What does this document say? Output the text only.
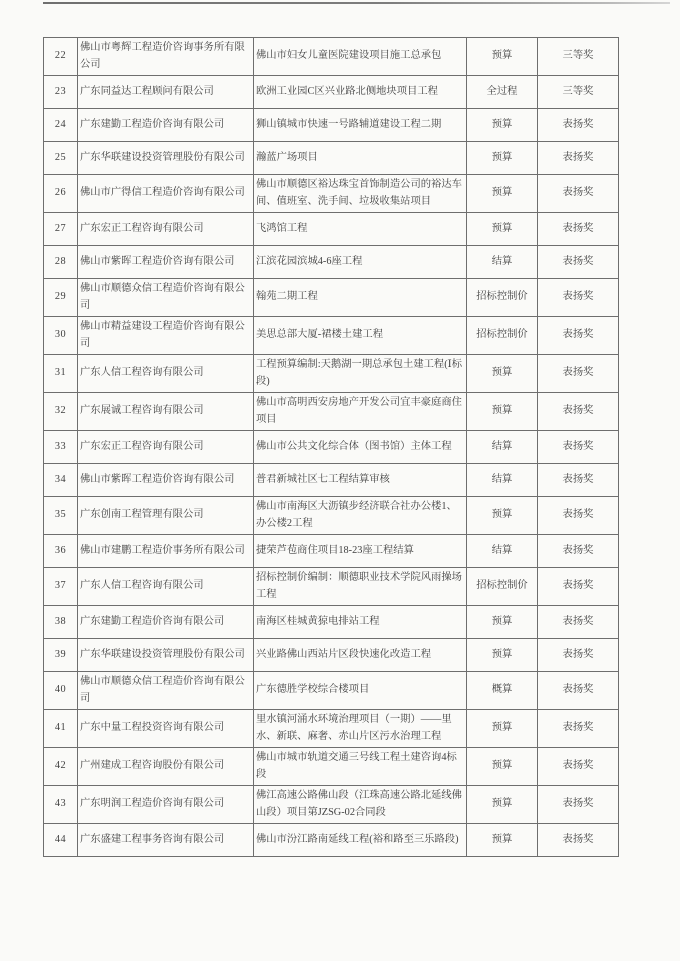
22	佛山市粤辉工程造价咨询事务所有限公司	佛山市妇女儿童医院建设项目施工总承包	预算	三等奖
23	广东同益达工程顾问有限公司	欧洲工业园C区兴业路北侧地块项目工程	全过程	三等奖
24	广东建勤工程造价咨询有限公司	狮山镇城市快速一号路辅道建设工程二期	预算	表扬奖
25	广东华联建设投资管理股份有限公司	瀚蓝广场项目	预算	表扬奖
26	佛山市广得信工程造价咨询有限公司	佛山市顺德区裕达珠宝首饰制造公司的裕达车间、值班室、洗手间、垃圾收集站项目	预算	表扬奖
27	广东宏正工程咨询有限公司	飞鸿馆工程	预算	表扬奖
28	佛山市紫晖工程造价咨询有限公司	江滨花园滨城4-6座工程	结算	表扬奖
29	佛山市顺德众信工程造价咨询有限公司	翰苑二期工程	招标控制价	表扬奖
30	佛山市精益建设工程造价咨询有限公司	美思总部大厦-裙楼土建工程	招标控制价	表扬奖
31	广东人信工程咨询有限公司	工程预算编制:天鹅湖一期总承包土建工程(Ⅰ标段)	预算	表扬奖
32	广东展诚工程咨询有限公司	佛山市高明西安房地产开发公司宜丰豪庭商住项目	预算	表扬奖
33	广东宏正工程咨询有限公司	佛山市公共文化综合体（图书馆）主体工程	结算	表扬奖
34	佛山市紫晖工程造价咨询有限公司	普君新城社区七工程结算审核	结算	表扬奖
35	广东创南工程管理有限公司	佛山市南海区大沥镇步经济联合社办公楼1、办公楼2工程	预算	表扬奖
36	佛山市建鹏工程造价事务所有限公司	捷荣芦苞商住项目18-23座工程结算	结算	表扬奖
37	广东人信工程咨询有限公司	招标控制价编制：顺德职业技术学院风雨操场工程	招标控制价	表扬奖
38	广东建勤工程造价咨询有限公司	南海区桂城黄猄电排站工程	预算	表扬奖
39	广东华联建设投资管理股份有限公司	兴业路佛山西站片区段快速化改造工程	预算	表扬奖
40	佛山市顺德众信工程造价咨询有限公司	广东德胜学校综合楼项目	概算	表扬奖
41	广东中量工程投资咨询有限公司	里水镇河涌水环境治理项目（一期）——里水、新联、麻奢、赤山片区污水治理工程	预算	表扬奖
42	广州建成工程咨询股份有限公司	佛山市城市轨道交通三号线工程土建咨询4标段	预算	表扬奖
43	广东明润工程造价咨询有限公司	佛江高速公路佛山段（江珠高速公路北延线佛山段）项目第JZSG-02合同段	预算	表扬奖
44	广东盛建工程事务咨询有限公司	佛山市汾江路南延线工程(裕和路至三乐路段)	预算	表扬奖
